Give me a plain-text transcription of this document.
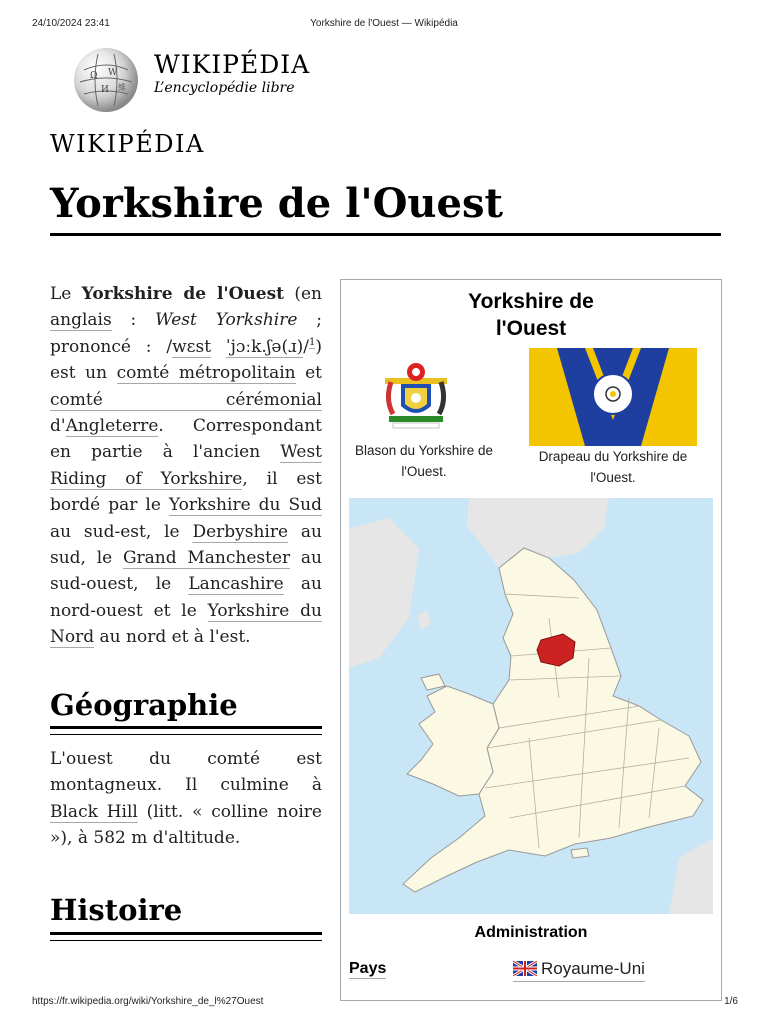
24/10/2024 23:41	Yorkshire de l'Ouest — Wikipédia
Ω W
И 維
WIKIPÉDIA
L’encyclopédie libre
WIKIPÉDIA
Yorkshire de l'Ouest
Le Yorkshire de l'Ouest (en anglais : West Yorkshire ; prononcé : /wɛst ˈjɔːk.ʃə(ɹ)/$^1$) est un comté métropolitain et comté cérémonial d'Angleterre. Correspondant en partie à l'ancien West Riding of Yorkshire, il est bordé par le Yorkshire du Sud au sud-est, le Derbyshire au sud, le Grand Manchester au sud-ouest, le Lancashire au nord-ouest et le Yorkshire du Nord au nord et à l'est.
Géographie
L'ouest du comté est montagneux. Il culmine à Black Hill (litt. « colline noire »), à 582 m d'altitude.
Histoire
Yorkshire de l'Ouest
Blason du Yorkshire de l'Ouest.
Drapeau du Yorkshire de l'Ouest.
Administration
Pays	Royaume-Uni
https://fr.wikipedia.org/wiki/Yorkshire_de_l%27Ouest	1/6
